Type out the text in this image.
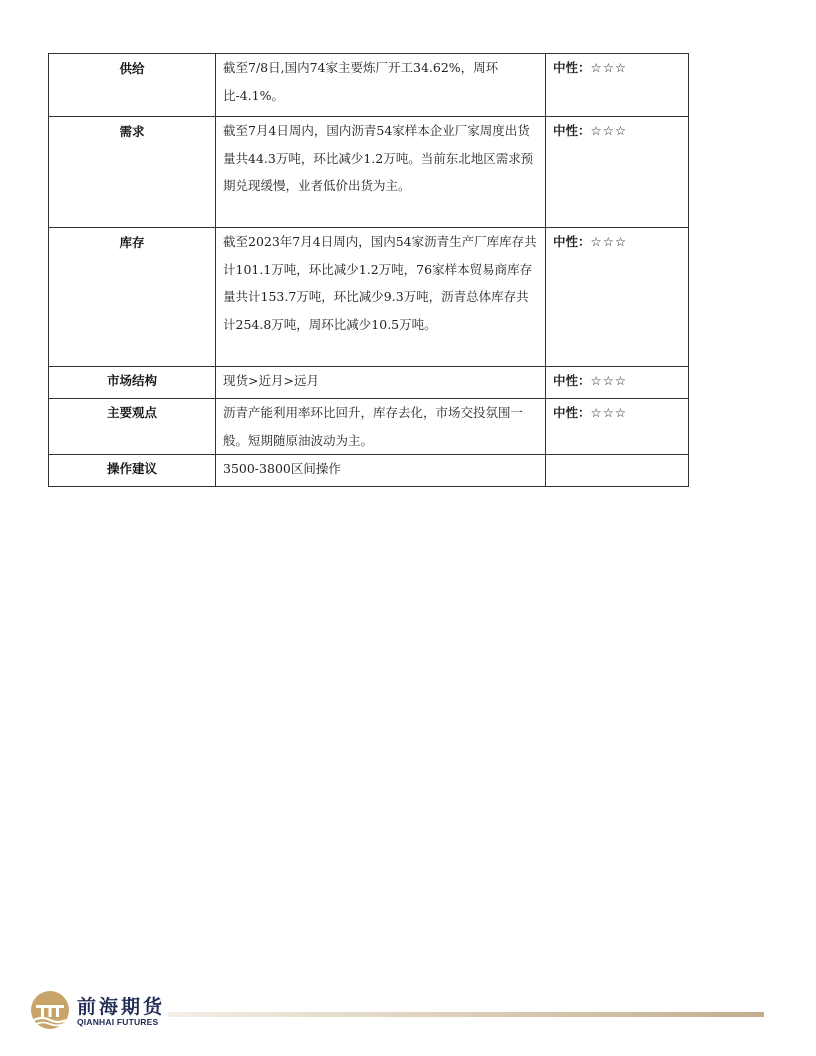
供给	截至7/8日,国内74家主要炼厂开工34.62%，周环比-4.1%。	中性：☆☆☆
需求	截至7月4日周内，国内沥青54家样本企业厂家周度出货量共44.3万吨，环比减少1.2万吨。当前东北地区需求预期兑现缓慢，业者低价出货为主。	中性：☆☆☆
库存	截至2023年7月4日周内，国内54家沥青生产厂库库存共计101.1万吨，环比减少1.2万吨，76家样本贸易商库存量共计153.7万吨，环比减少9.3万吨，沥青总体库存共计254.8万吨，周环比减少10.5万吨。	中性：☆☆☆
市场结构	现货>近月>远月	中性：☆☆☆
主要观点	沥青产能利用率环比回升，库存去化，市场交投氛围一般。短期随原油波动为主。	中性：☆☆☆
操作建议	3500-3800区间操作	
前海期货
QIANHAI FUTURES
